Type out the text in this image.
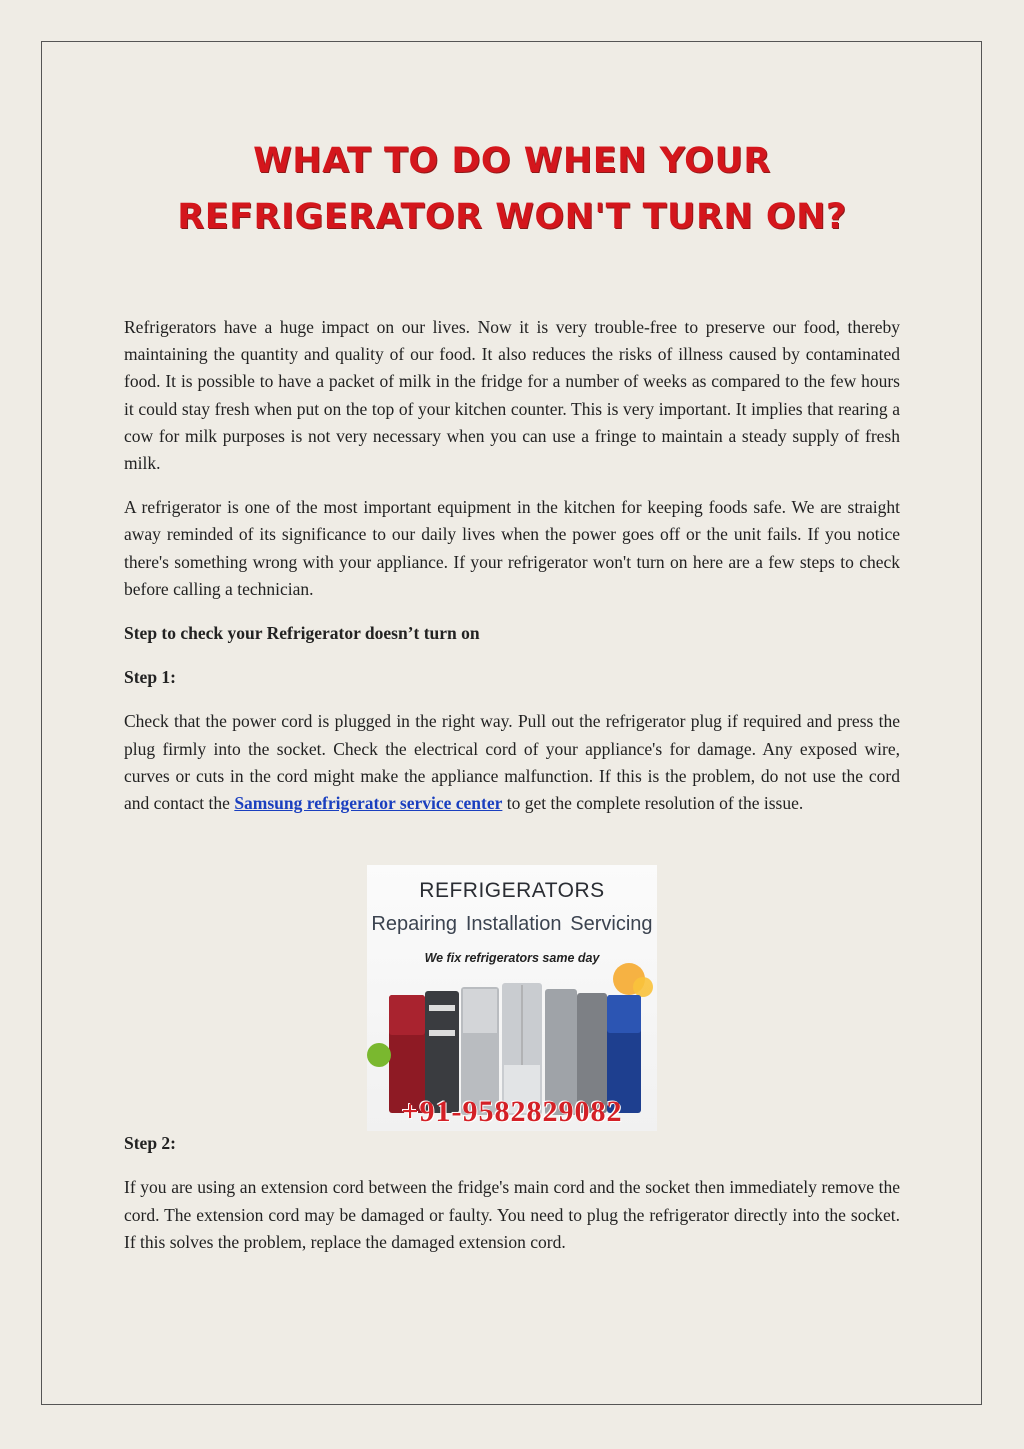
WHAT TO DO WHEN YOUR
REFRIGERATOR WON'T TURN ON?

Refrigerators have a huge impact on our lives. Now it is very trouble-free to preserve our food, thereby maintaining the quantity and quality of our food. It also reduces the risks of illness caused by contaminated food. It is possible to have a packet of milk in the fridge for a number of weeks as compared to the few hours it could stay fresh when put on the top of your kitchen counter. This is very important. It implies that rearing a cow for milk purposes is not very necessary when you can use a fringe to maintain a steady supply of fresh milk.

A refrigerator is one of the most important equipment in the kitchen for keeping foods safe. We are straight away reminded of its significance to our daily lives when the power goes off or the unit fails. If you notice there's something wrong with your appliance. If your refrigerator won't turn on here are a few steps to check before calling a technician.

Step to check your Refrigerator doesn’t turn on

Step 1:

Check that the power cord is plugged in the right way. Pull out the refrigerator plug if required and press the plug firmly into the socket. Check the electrical cord of your appliance's for damage. Any exposed wire, curves or cuts in the cord might make the appliance malfunction. If this is the problem, do not use the cord and contact the Samsung refrigerator service center to get the complete resolution of the issue.

Step 2:

If you are using an extension cord between the fridge's main cord and the socket then immediately remove the cord. The extension cord may be damaged or faulty. You need to plug the refrigerator directly into the socket. If this solves the problem, replace the damaged extension cord.

REFRIGERATORS
Repairing Installation Servicing
We fix refrigerators same day
+91-9582829082
